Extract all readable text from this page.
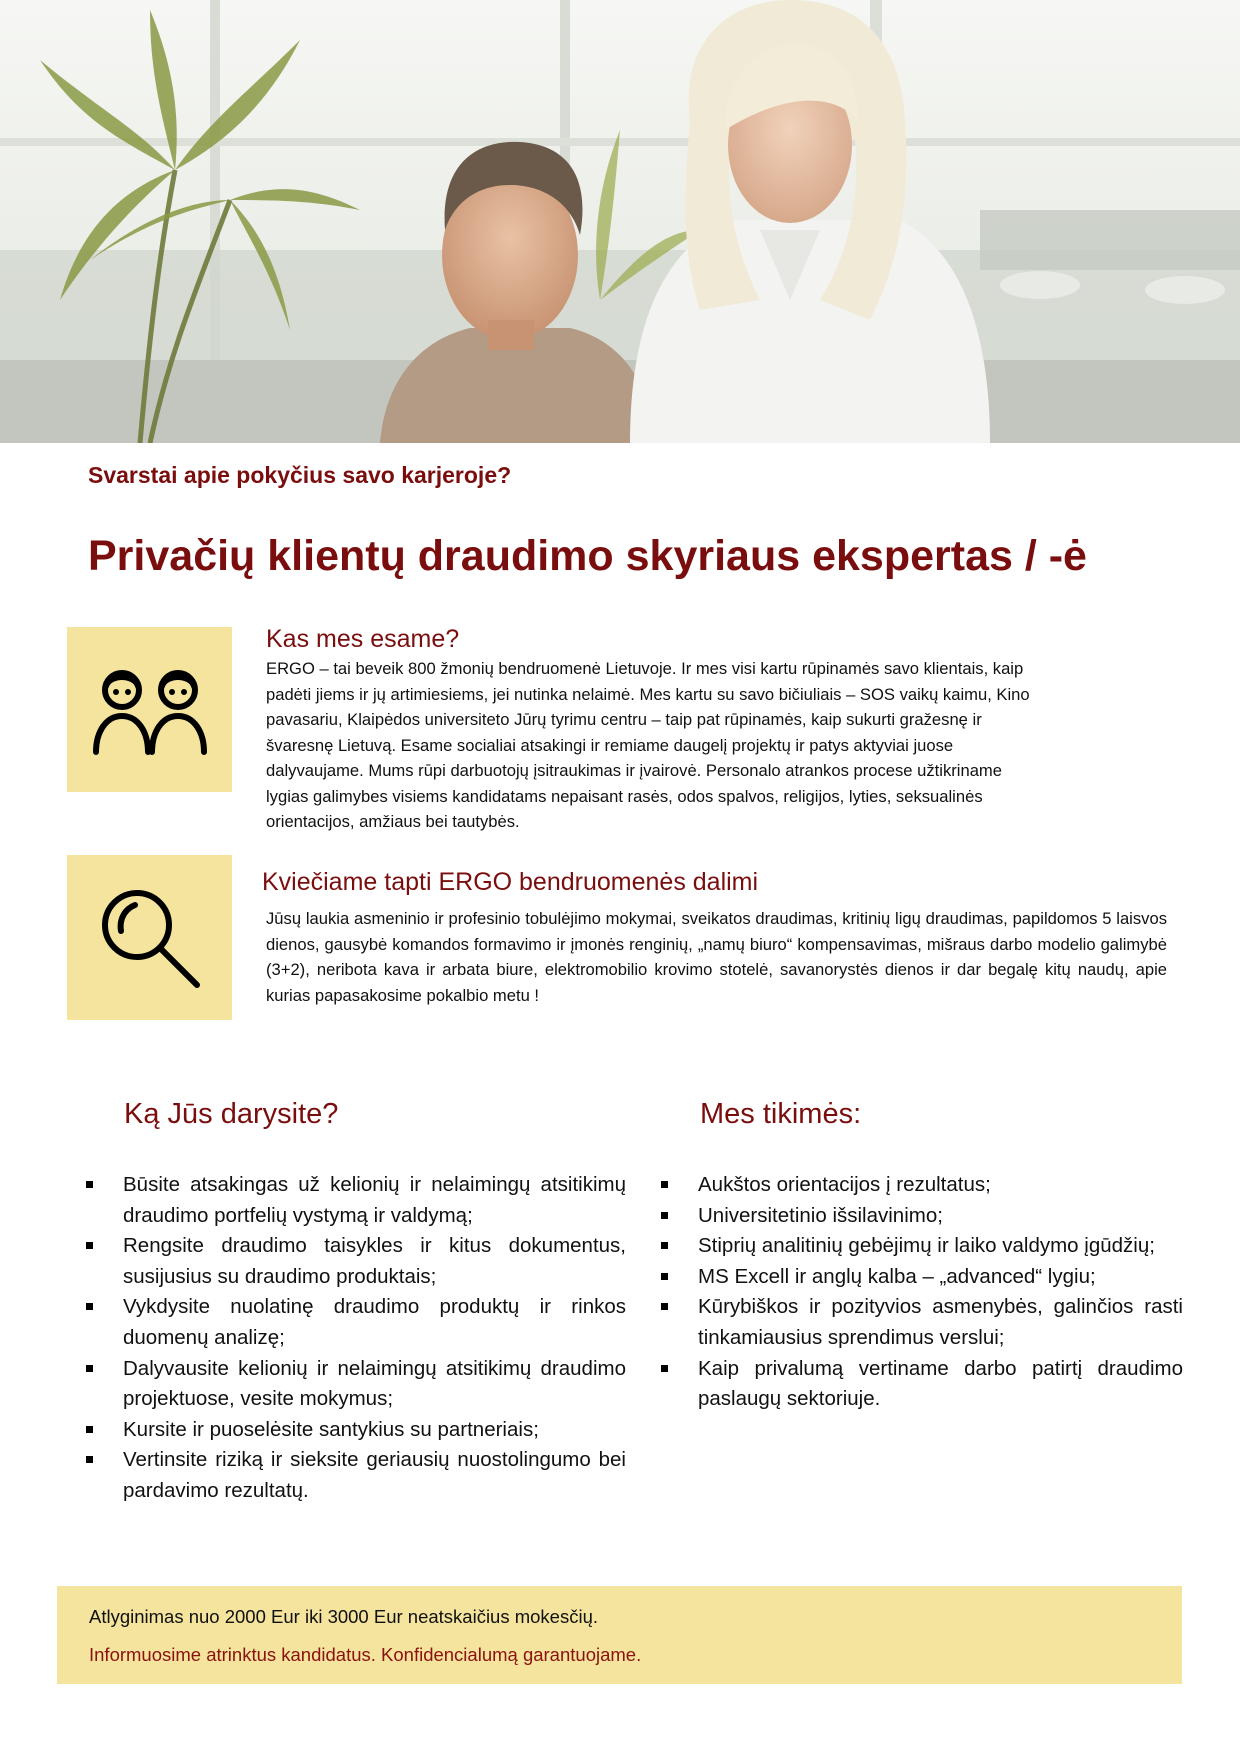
Svarstai apie pokyčius savo karjeroje?
Privačių klientų draudimo skyriaus ekspertas / -ė
Kas mes esame?
ERGO – tai beveik 800 žmonių bendruomenė Lietuvoje. Ir mes visi kartu rūpinamės savo klientais, kaip
padėti jiems ir jų artimiesiems, jei nutinka nelaimė. Mes kartu su savo bičiuliais – SOS vaikų kaimu, Kino
pavasariu, Klaipėdos universiteto Jūrų tyrimu centru – taip pat rūpinamės, kaip sukurti gražesnę ir
švaresnę Lietuvą. Esame socialiai atsakingi ir remiame daugelį projektų ir patys aktyviai juose
dalyvaujame. Mums rūpi darbuotojų įsitraukimas ir įvairovė. Personalo atrankos procese užtikriname
lygias galimybes visiems kandidatams nepaisant rasės, odos spalvos, religijos, lyties, seksualinės
orientacijos, amžiaus bei tautybės.
Kviečiame tapti ERGO bendruomenės dalimi
Jūsų laukia asmeninio ir profesinio tobulėjimo mokymai, sveikatos draudimas, kritinių ligų draudimas, papildomos 5 laisvos dienos, gausybė komandos formavimo ir įmonės renginių, „namų biuro“ kompensavimas, mišraus darbo modelio galimybė (3+2), neribota kava ir arbata biure, elektromobilio krovimo stotelė, savanorystės dienos ir dar begalę kitų naudų, apie kurias papasakosime pokalbio metu !
Ką Jūs darysite?
Būsite atsakingas už kelionių ir nelaimingų atsitikimų draudimo portfelių vystymą ir valdymą;
Rengsite draudimo taisykles ir kitus dokumentus, susijusius su draudimo produktais;
Vykdysite nuolatinę draudimo produktų ir rinkos duomenų analizę;
Dalyvausite kelionių ir nelaimingų atsitikimų draudimo projektuose, vesite mokymus;
Kursite ir puoselėsite santykius su partneriais;
Vertinsite riziką ir sieksite geriausių nuostolingumo bei pardavimo rezultatų.
Mes tikimės:
Aukštos orientacijos į rezultatus;
Universitetinio išsilavinimo;
Stiprių analitinių gebėjimų ir laiko valdymo įgūdžių;
MS Excell ir anglų kalba – „advanced“ lygiu;
Kūrybiškos ir pozityvios asmenybės, galinčios rasti tinkamiausius sprendimus verslui;
Kaip privalumą vertiname darbo patirtį draudimo paslaugų sektoriuje.
Atlyginimas nuo 2000 Eur iki 3000 Eur neatskaičius mokesčių.
Informuosime atrinktus kandidatus. Konfidencialumą garantuojame.
